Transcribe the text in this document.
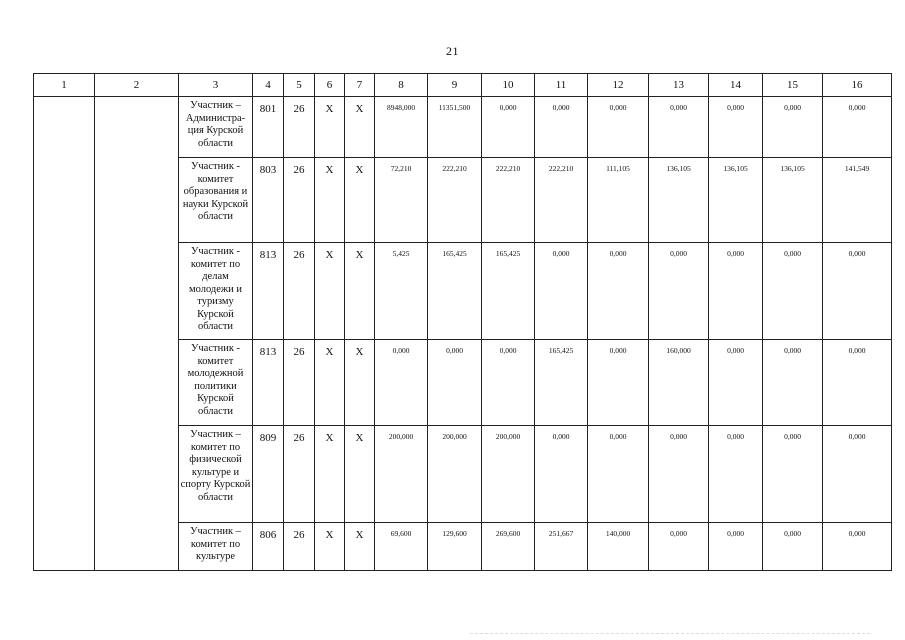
21
1	2	3	4	5	6	7	8	9	10	11	12	13	14	15	16
		Участник – Администра-ция Курской области	801	26	Х	Х	8948,000	11351,500	0,000	0,000	0,000	0,000	0,000	0,000	0,000
		Участник - комитет образования и науки Курской области	803	26	Х	Х	72,210	222,210	222,210	222,210	111,105	136,105	136,105	136,105	141,549
		Участник - комитет по делам молодежи и туризму Курской области	813	26	Х	Х	5,425	165,425	165,425	0,000	0,000	0,000	0,000	0,000	0,000
		Участник - комитет молодежной политики Курской области	813	26	Х	Х	0,000	0,000	0,000	165,425	0,000	160,000	0,000	0,000	0,000
		Участник – комитет по физической культуре и спорту Курской области	809	26	Х	Х	200,000	200,000	200,000	0,000	0,000	0,000	0,000	0,000	0,000
		Участник – комитет по культуре	806	26	Х	Х	69,600	129,600	269,600	251,667	140,000	0,000	0,000	0,000	0,000
